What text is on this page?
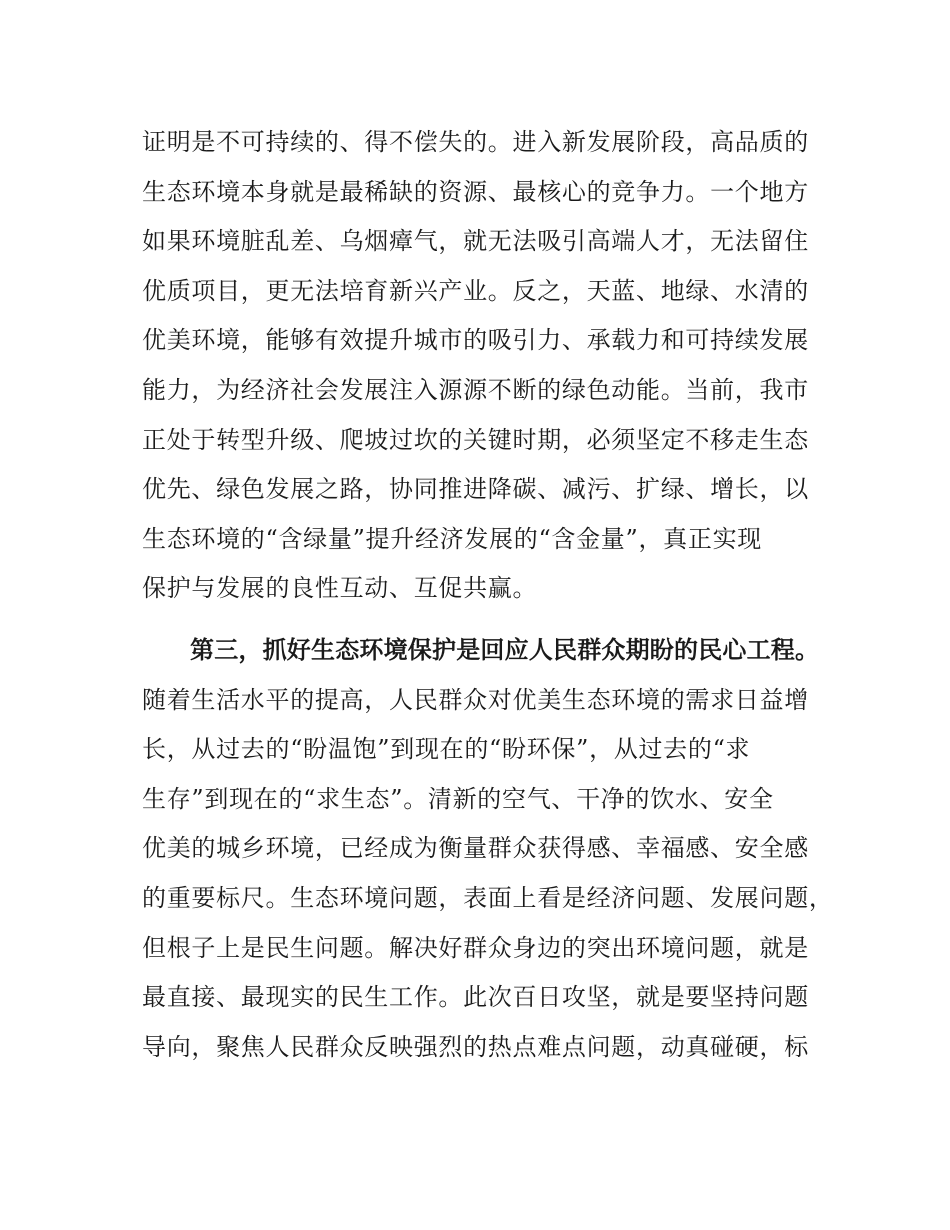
证明是不可持续的、得不偿失的。进入新发展阶段，高品质的
生态环境本身就是最稀缺的资源、最核心的竞争力。一个地方
如果环境脏乱差、乌烟瘴气，就无法吸引高端人才，无法留住
优质项目，更无法培育新兴产业。反之，天蓝、地绿、水清的
优美环境，能够有效提升城市的吸引力、承载力和可持续发展
能力，为经济社会发展注入源源不断的绿色动能。当前，我市
正处于转型升级、爬坡过坎的关键时期，必须坚定不移走生态
优先、绿色发展之路，协同推进降碳、减污、扩绿、增长，以
生态环境的“含绿量”提升经济发展的“含金量”，真正实现
保护与发展的良性互动、互促共赢。
第三，抓好生态环境保护是回应人民群众期盼的民心工程。
随着生活水平的提高，人民群众对优美生态环境的需求日益增
长，从过去的“盼温饱”到现在的“盼环保”，从过去的“求
生存”到现在的“求生态”。清新的空气、干净的饮水、安全
优美的城乡环境，已经成为衡量群众获得感、幸福感、安全感
的重要标尺。生态环境问题，表面上看是经济问题、发展问题，
但根子上是民生问题。解决好群众身边的突出环境问题，就是
最直接、最现实的民生工作。此次百日攻坚，就是要坚持问题
导向，聚焦人民群众反映强烈的热点难点问题，动真碰硬，标
